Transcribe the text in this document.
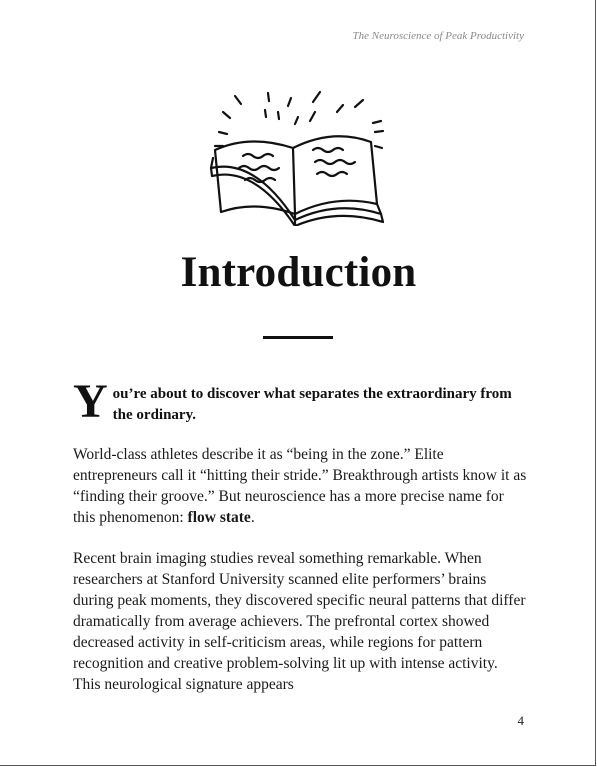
The Neuroscience of Peak Productivity
Introduction
Y ou’re about to discover what separates the extraordinary from the ordinary.
World-class athletes describe it as “being in the zone.” Elite entrepreneurs call it “hitting their stride.” Breakthrough artists know it as “finding their groove.” But neuroscience has a more precise name for this phenomenon: flow state.
Recent brain imaging studies reveal something remarkable. When researchers at Stanford University scanned elite performers’ brains during peak moments, they discovered specific neural patterns that differ dramatically from average achievers. The prefrontal cortex showed decreased activity in self-criticism areas, while regions for pattern recognition and creative problem-solving lit up with intense activity. This neurological signature appears
4
